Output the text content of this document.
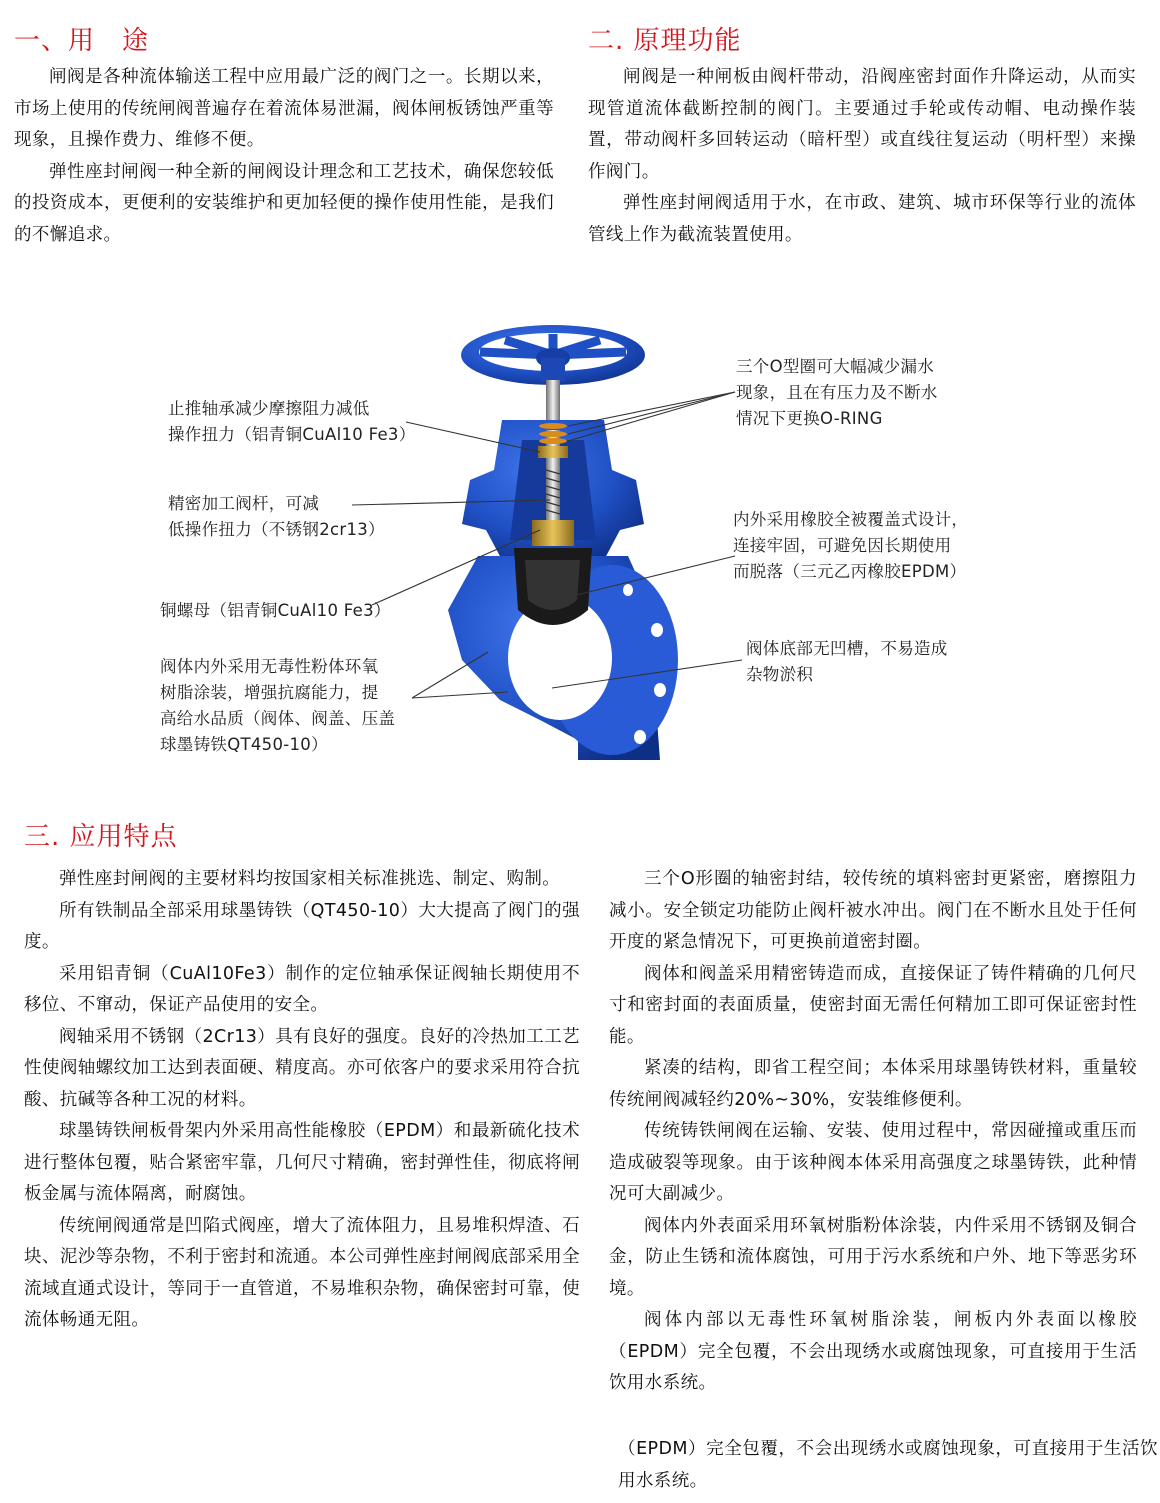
一、用　途	二. 原理功能
三. 应用特点

闸阀是各种流体输送工程中应用最广泛的阀门之一。长期以来，市场上使用的传统闸阀普遍存在着流体易泄漏，阀体闸板锈蚀严重等现象，且操作费力、维修不便。

弹性座封闸阀一种全新的闸阀设计理念和工艺技术，确保您较低的投资成本，更便利的安装维护和更加轻便的操作使用性能，是我们的不懈追求。

闸阀是一种闸板由阀杆带动，沿阀座密封面作升降运动，从而实现管道流体截断控制的阀门。主要通过手轮或传动帽、电动操作装置，带动阀杆多回转运动（暗杆型）或直线往复运动（明杆型）来操作阀门。

弹性座封闸阀适用于水，在市政、建筑、城市环保等行业的流体管线上作为截流装置使用。

止推轴承减少摩擦阻力减低
操作扭力（铝青铜CuAl10 Fe3）
精密加工阀杆，可减
低操作扭力（不锈钢2cr13）
铜螺母（铝青铜CuAl10 Fe3）
阀体内外采用无毒性粉体环氧
树脂涂装，增强抗腐能力，提
高给水品质（阀体、阀盖、压盖
球墨铸铁QT450-10）
三个O型圈可大幅减少漏水
现象，且在有压力及不断水
情况下更换O-RING
内外采用橡胶全被覆盖式设计，
连接牢固，可避免因长期使用
而脱落（三元乙丙橡胶EPDM）
阀体底部无凹槽，不易造成
杂物淤积

弹性座封闸阀的主要材料均按国家相关标准挑选、制定、购制。

所有铁制品全部采用球墨铸铁（QT450-10）大大提高了阀门的强度。

采用铝青铜（CuAl10Fe3）制作的定位轴承保证阀轴长期使用不移位、不窜动，保证产品使用的安全。

阀轴采用不锈钢（2Cr13）具有良好的强度。良好的冷热加工工艺性使阀轴螺纹加工达到表面硬、精度高。亦可依客户的要求采用符合抗酸、抗碱等各种工况的材料。

球墨铸铁闸板骨架内外采用高性能橡胶（EPDM）和最新硫化技术进行整体包覆，贴合紧密牢靠，几何尺寸精确，密封弹性佳，彻底将闸板金属与流体隔离，耐腐蚀。

传统闸阀通常是凹陷式阀座，增大了流体阻力，且易堆积焊渣、石块、泥沙等杂物，不利于密封和流通。本公司弹性座封闸阀底部采用全流域直通式设计，等同于一直管道，不易堆积杂物，确保密封可靠，使流体畅通无阻。

三个O形圈的轴密封结，较传统的填料密封更紧密，磨擦阻力减小。安全锁定功能防止阀杆被水冲出。阀门在不断水且处于任何开度的紧急情况下，可更换前道密封圈。

阀体和阀盖采用精密铸造而成，直接保证了铸件精确的几何尺寸和密封面的表面质量，使密封面无需任何精加工即可保证密封性能。

紧凑的结构，即省工程空间；本体采用球墨铸铁材料，重量较传统闸阀减轻约20%~30%，安装维修便利。

传统铸铁闸阀在运输、安装、使用过程中，常因碰撞或重压而造成破裂等现象。由于该种阀本体采用高强度之球墨铸铁，此种情况可大副减少。

阀体内外表面采用环氧树脂粉体涂装，内件采用不锈钢及铜合金，防止生锈和流体腐蚀，可用于污水系统和户外、地下等恶劣环境。

阀体内部以无毒性环氧树脂涂装，闸板内外表面以橡胶（EPDM）完全包覆，不会出现绣水或腐蚀现象，可直接用于生活饮用水系统。

（EPDM）完全包覆，不会出现绣水或腐蚀现象，可直接用于生活饮用水系统。
